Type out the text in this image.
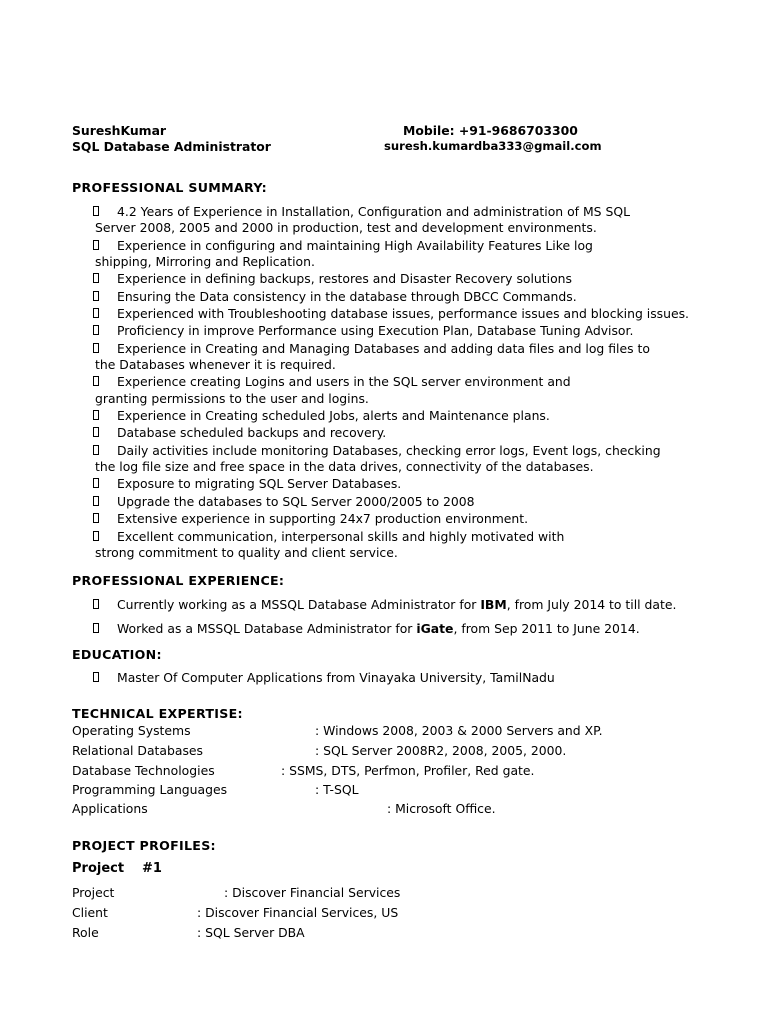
SureshKumar
SQL Database Administrator
Mobile: +91-9686703300
suresh.kumardba333@gmail.com
PROFESSIONAL SUMMARY:
4.2 Years of Experience in Installation, Configuration and administration of MS SQL
Server 2008, 2005 and 2000 in production, test and development environments.
Experience in configuring and maintaining High Availability Features Like log
shipping, Mirroring and Replication.
Experience in defining backups, restores and Disaster Recovery solutions
Ensuring the Data consistency in the database through DBCC Commands.
Experienced with Troubleshooting database issues, performance issues and blocking issues.
Proficiency in improve Performance using Execution Plan, Database Tuning Advisor.
Experience in Creating and Managing Databases and adding data files and log files to
the Databases whenever it is required.
Experience creating Logins and users in the SQL server environment and
granting permissions to the user and logins.
Experience in Creating scheduled Jobs, alerts and Maintenance plans.
Database scheduled backups and recovery.
Daily activities include monitoring Databases, checking error logs, Event logs, checking
the log file size and free space in the data drives, connectivity of the databases.
Exposure to migrating SQL Server Databases.
Upgrade the databases to SQL Server 2000/2005 to 2008
Extensive experience in supporting 24x7 production environment.
Excellent communication, interpersonal skills and highly motivated with
strong commitment to quality and client service.
PROFESSIONAL EXPERIENCE:
Currently working as a MSSQL Database Administrator for IBM, from July 2014 to till date.
Worked as a MSSQL Database Administrator for iGate, from Sep 2011 to June 2014.
EDUCATION:
Master Of Computer Applications from Vinayaka University, TamilNadu
TECHNICAL EXPERTISE:
Operating Systems	: Windows 2008, 2003 & 2000 Servers and XP.
Relational Databases	: SQL Server 2008R2, 2008, 2005, 2000.
Database Technologies	: SSMS, DTS, Perfmon, Profiler, Red gate.
Programming Languages	: T-SQL
Applications	: Microsoft Office.
PROJECT PROFILES:
Project #1
Project	: Discover Financial Services
Client	: Discover Financial Services, US
Role	: SQL Server DBA
